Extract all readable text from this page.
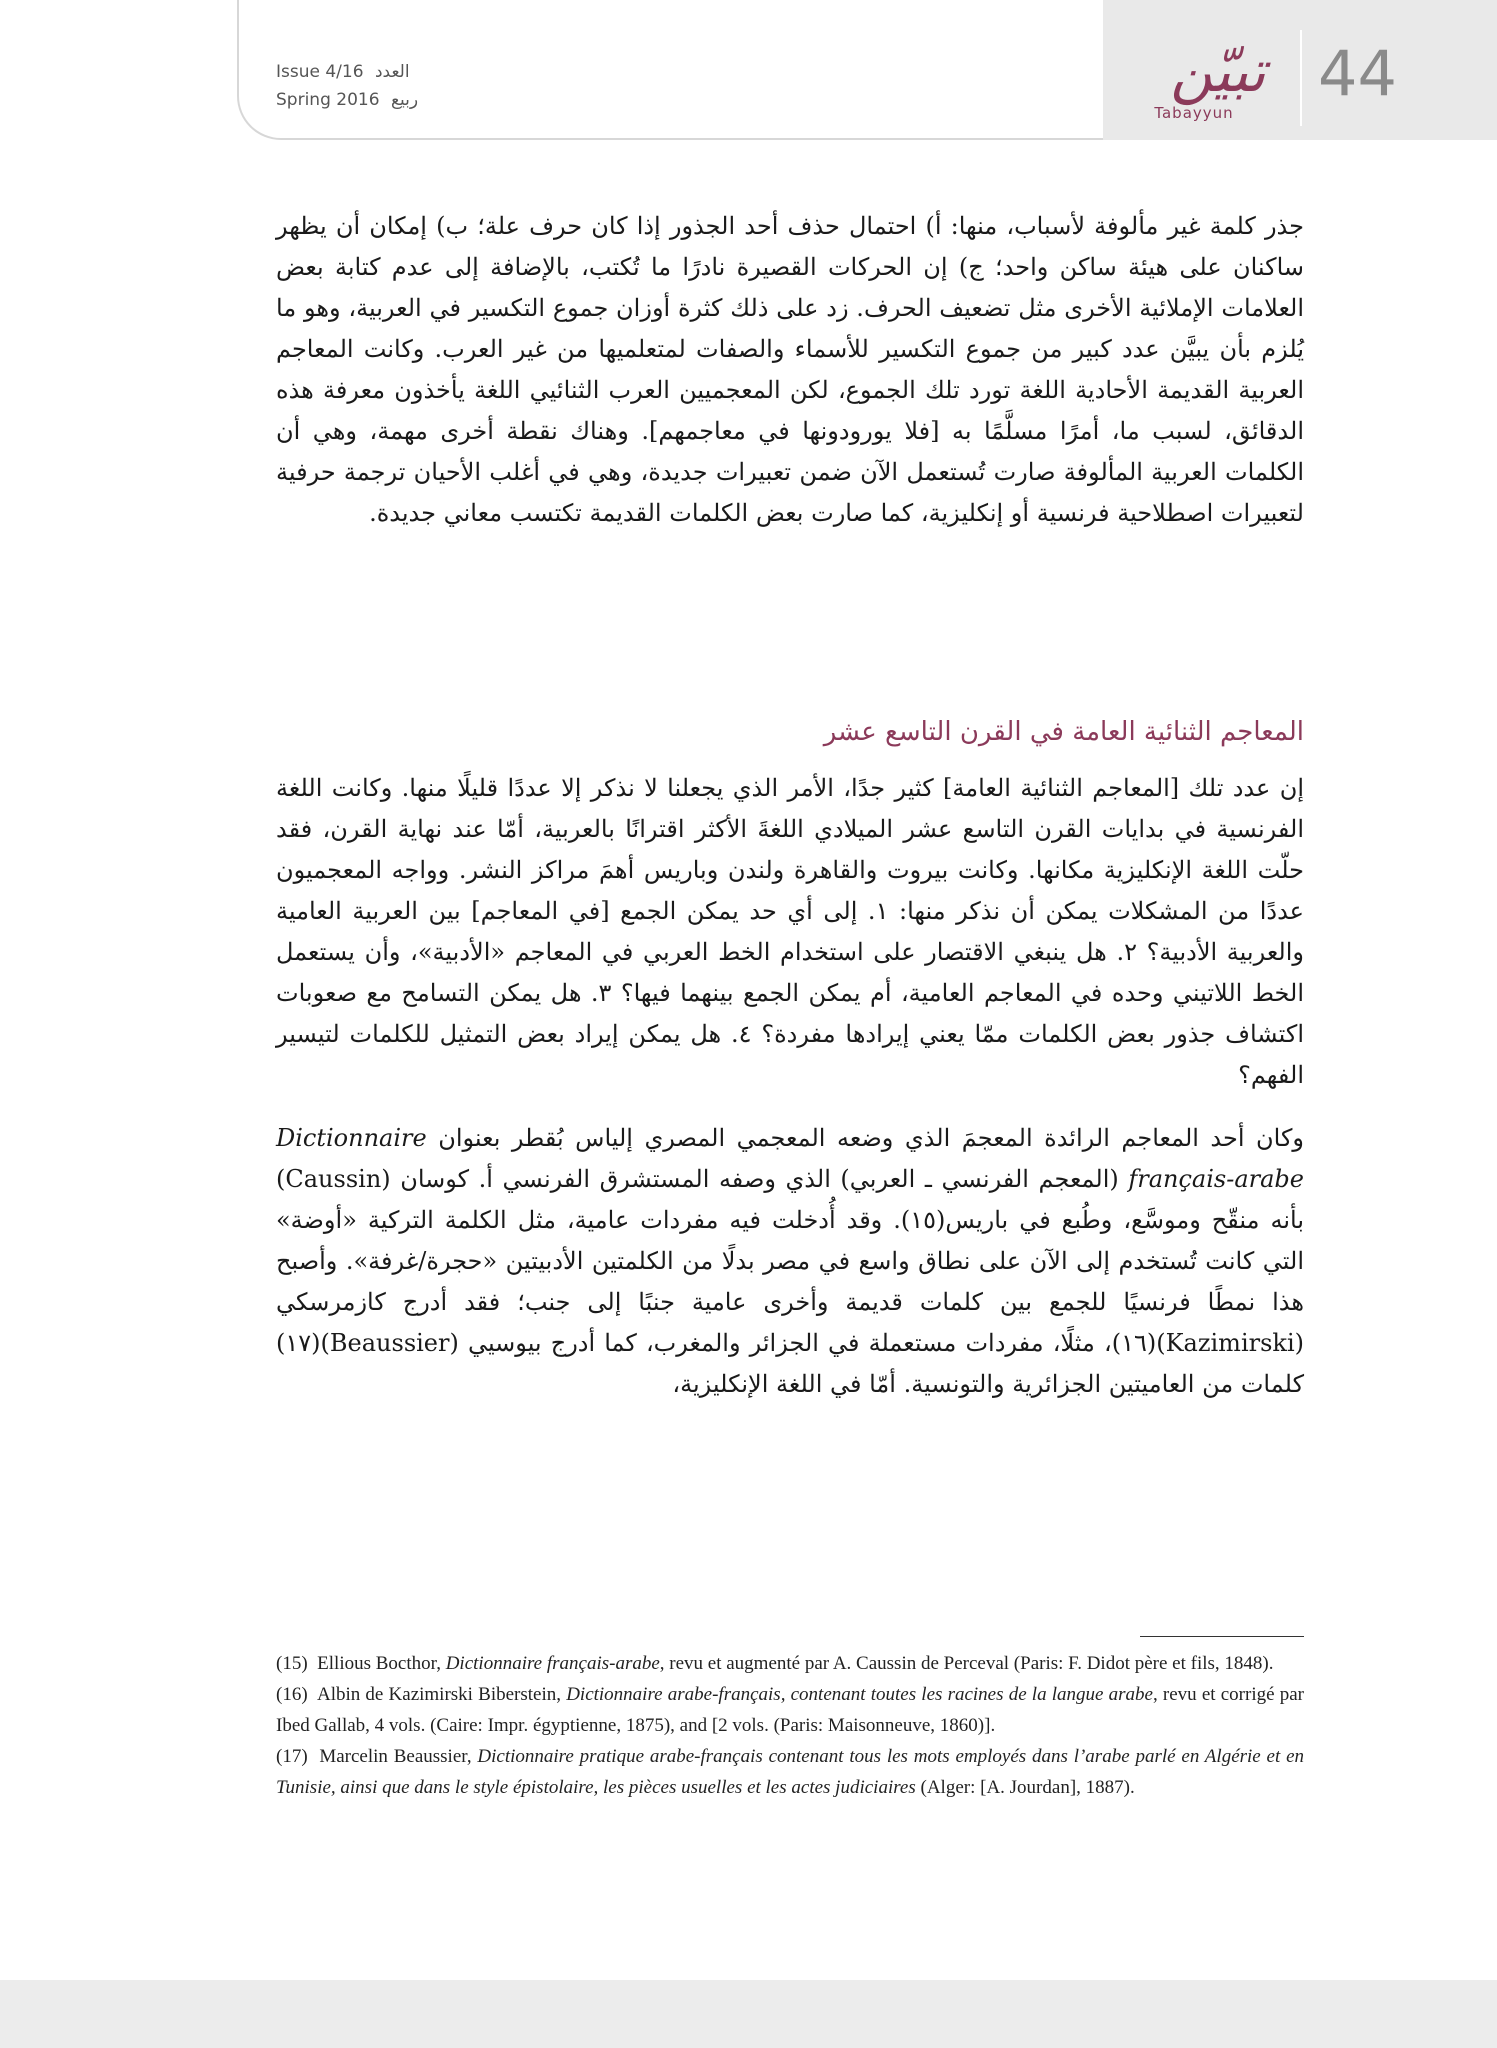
Issue 4/16 العدد
Spring 2016 ربيع	تبيّن
Tabayyun
44

جذر كلمة غير مألوفة لأسباب، منها: أ) احتمال حذف أحد الجذور إذا كان حرف علة؛ ب) إمكان أن يظهر ساكنان على هيئة ساكن واحد؛ ج) إن الحركات القصيرة نادرًا ما تُكتب، بالإضافة إلى عدم كتابة بعض العلامات الإملائية الأخرى مثل تضعيف الحرف. زد على ذلك كثرة أوزان جموع التكسير في العربية، وهو ما يُلزم بأن يبيَّن عدد كبير من جموع التكسير للأسماء والصفات لمتعلميها من غير العرب. وكانت المعاجم العربية القديمة الأحادية اللغة تورد تلك الجموع، لكن المعجميين العرب الثنائيي اللغة يأخذون معرفة هذه الدقائق، لسبب ما، أمرًا مسلَّمًا به [فلا يورودونها في معاجمهم]. وهناك نقطة أخرى مهمة، وهي أن الكلمات العربية المألوفة صارت تُستعمل الآن ضمن تعبيرات جديدة، وهي في أغلب الأحيان ترجمة حرفية لتعبيرات اصطلاحية فرنسية أو إنكليزية، كما صارت بعض الكلمات القديمة تكتسب معاني جديدة.

المعاجم الثنائية العامة في القرن التاسع عشر

إن عدد تلك [المعاجم الثنائية العامة] كثير جدًا، الأمر الذي يجعلنا لا نذكر إلا عددًا قليلًا منها. وكانت اللغة الفرنسية في بدايات القرن التاسع عشر الميلادي اللغةَ الأكثر اقترانًا بالعربية، أمّا عند نهاية القرن، فقد حلّت اللغة الإنكليزية مكانها. وكانت بيروت والقاهرة ولندن وباريس أهمَ مراكز النشر. وواجه المعجميون عددًا من المشكلات يمكن أن نذكر منها: ١. إلى أي حد يمكن الجمع [في المعاجم] بين العربية العامية والعربية الأدبية؟ ٢. هل ينبغي الاقتصار على استخدام الخط العربي في المعاجم «الأدبية»، وأن يستعمل الخط اللاتيني وحده في المعاجم العامية، أم يمكن الجمع بينهما فيها؟ ٣. هل يمكن التسامح مع صعوبات اكتشاف جذور بعض الكلمات ممّا يعني إيرادها مفردة؟ ٤. هل يمكن إيراد بعض التمثيل للكلمات لتيسير الفهم؟

وكان أحد المعاجم الرائدة المعجمَ الذي وضعه المعجمي المصري إلياس بُقطر بعنوان Dictionnaire français-arabe (المعجم الفرنسي ـ العربي) الذي وصفه المستشرق الفرنسي أ. كوسان (Caussin) بأنه منقّح وموسَّع، وطُبع في باريس(١٥). وقد أُدخلت فيه مفردات عامية، مثل الكلمة التركية «أوضة» التي كانت تُستخدم إلى الآن على نطاق واسع في مصر بدلًا من الكلمتين الأدبيتين «حجرة/غرفة». وأصبح هذا نمطًا فرنسيًا للجمع بين كلمات قديمة وأخرى عامية جنبًا إلى جنب؛ فقد أدرج كازمرسكي (Kazimirski)(١٦)، مثلًا، مفردات مستعملة في الجزائر والمغرب، كما أدرج بيوسيي (Beaussier)(١٧) كلمات من العاميتين الجزائرية والتونسية. أمّا في اللغة الإنكليزية،

(15) Ellious Bocthor, Dictionnaire français-arabe, revu et augmenté par A. Caussin de Perceval (Paris: F. Didot père et fils, 1848).

(16) Albin de Kazimirski Biberstein, Dictionnaire arabe-français, contenant toutes les racines de la langue arabe, revu et corrigé par Ibed Gallab, 4 vols. (Caire: Impr. égyptienne, 1875), and [2 vols. (Paris: Maisonneuve, 1860)].

(17) Marcelin Beaussier, Dictionnaire pratique arabe-français contenant tous les mots employés dans l’arabe parlé en Algérie et en Tunisie, ainsi que dans le style épistolaire, les pièces usuelles et les actes judiciaires (Alger: [A. Jourdan], 1887).
